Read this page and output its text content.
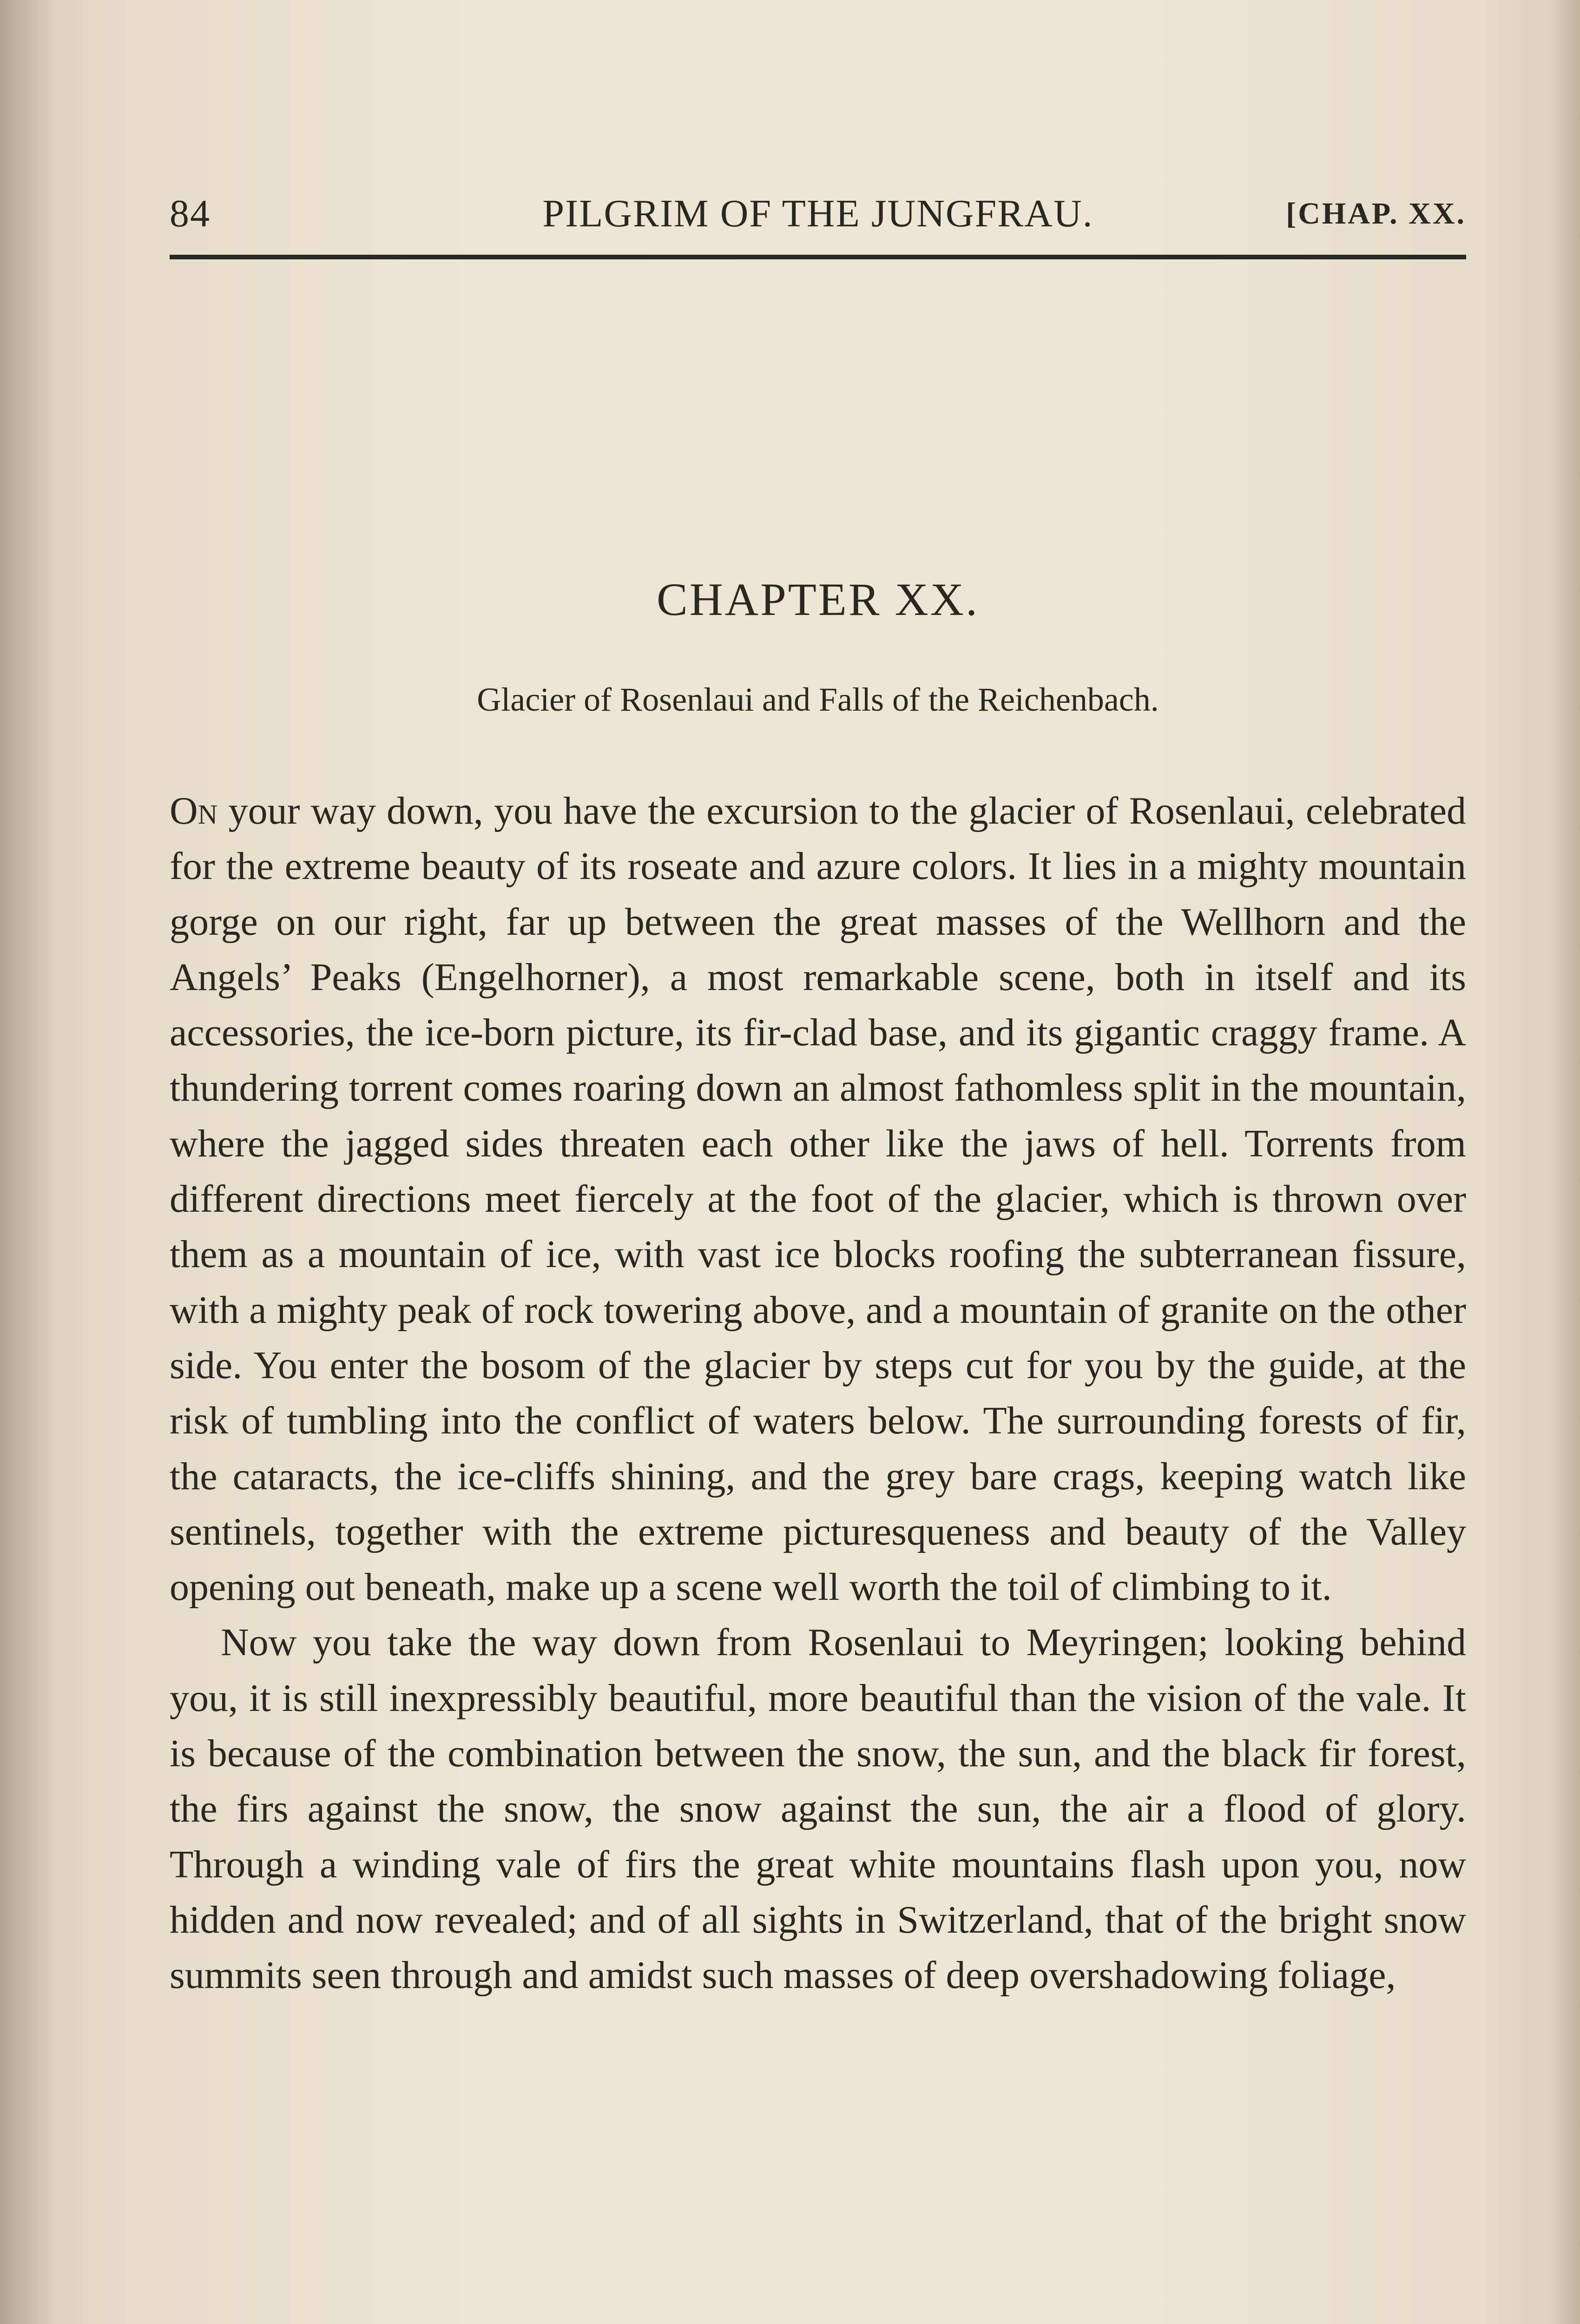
84	PILGRIM OF THE JUNGFRAU.	[CHAP. XX.
CHAPTER XX.
Glacier of Rosenlaui and Falls of the Reichenbach.

On your way down, you have the excursion to the glacier of Rosenlaui, celebrated for the extreme beauty of its roseate and azure colors. It lies in a mighty mountain gorge on our right, far up between the great masses of the Wellhorn and the Angels’ Peaks (Engelhorner), a most remarkable scene, both in itself and its accessories, the ice-born picture, its fir-clad base, and its gigantic craggy frame. A thundering torrent comes roaring down an almost fathomless split in the mountain, where the jagged sides threaten each other like the jaws of hell. Torrents from different directions meet fiercely at the foot of the glacier, which is thrown over them as a mountain of ice, with vast ice blocks roofing the subterranean fissure, with a mighty peak of rock towering above, and a mountain of granite on the other side. You enter the bosom of the glacier by steps cut for you by the guide, at the risk of tumbling into the conflict of waters below. The surrounding forests of fir, the cataracts, the ice-cliffs shining, and the grey bare crags, keeping watch like sentinels, together with the extreme picturesqueness and beauty of the Valley opening out beneath, make up a scene well worth the toil of climbing to it.

Now you take the way down from Rosenlaui to Meyringen; looking behind you, it is still inexpressibly beautiful, more beautiful than the vision of the vale. It is because of the combination between the snow, the sun, and the black fir forest, the firs against the snow, the snow against the sun, the air a flood of glory. Through a winding vale of firs the great white mountains flash upon you, now hidden and now revealed; and of all sights in Switzerland, that of the bright snow summits seen through and amidst such masses of deep overshadowing foliage,
